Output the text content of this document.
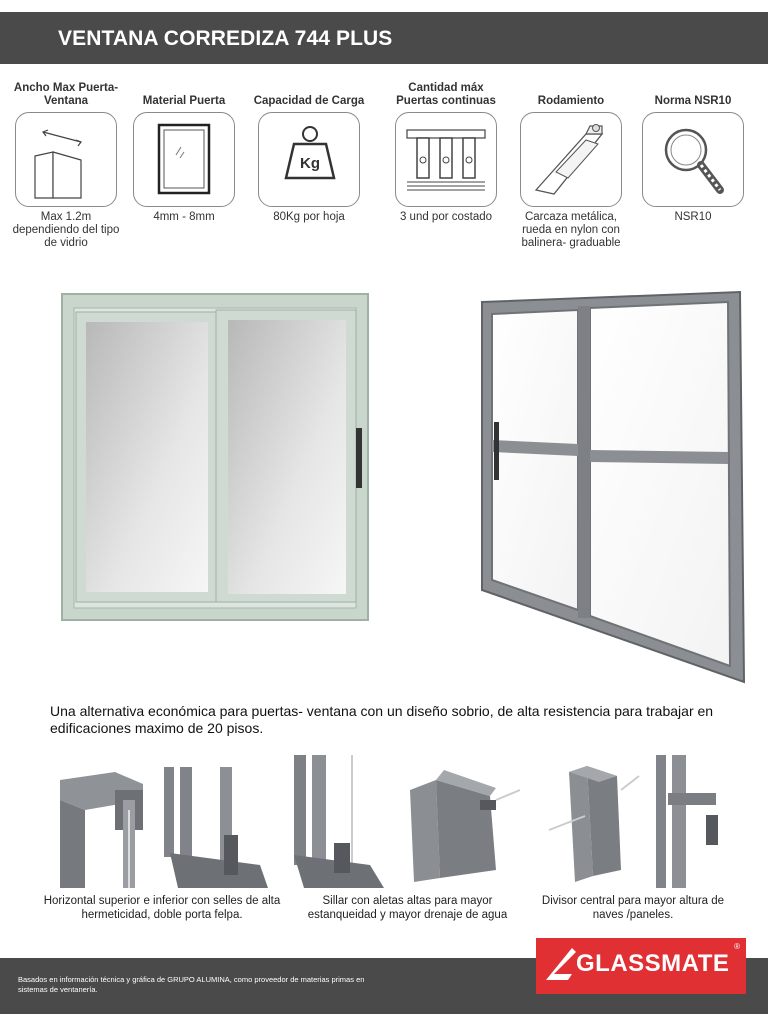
VENTANA CORREDIZA 744 PLUS
Ancho Max Puerta-Ventana
Max 1.2m dependiendo del tipo de vidrio
Material Puerta
4mm - 8mm
Capacidad de Carga
Kg
80Kg por hoja
Cantidad máx Puertas continuas
3 und por costado
Rodamiento
Carcaza metálica, rueda en nylon con balinera- graduable
Norma NSR10
NSR10
Una alternativa económica para puertas- ventana con un diseño sobrio, de alta resistencia para trabajar en edificaciones maximo de 20 pisos.
Horizontal superior e inferior con selles de alta hermeticidad, doble porta felpa.
Sillar con aletas altas para mayor estanqueidad y mayor drenaje de agua
Divisor central para mayor altura de naves /paneles.
Basados en información técnica y gráfica de GRUPO ALUMINA, como proveedor de materias primas en sistemas de ventanería.
GLASSMATE
®
